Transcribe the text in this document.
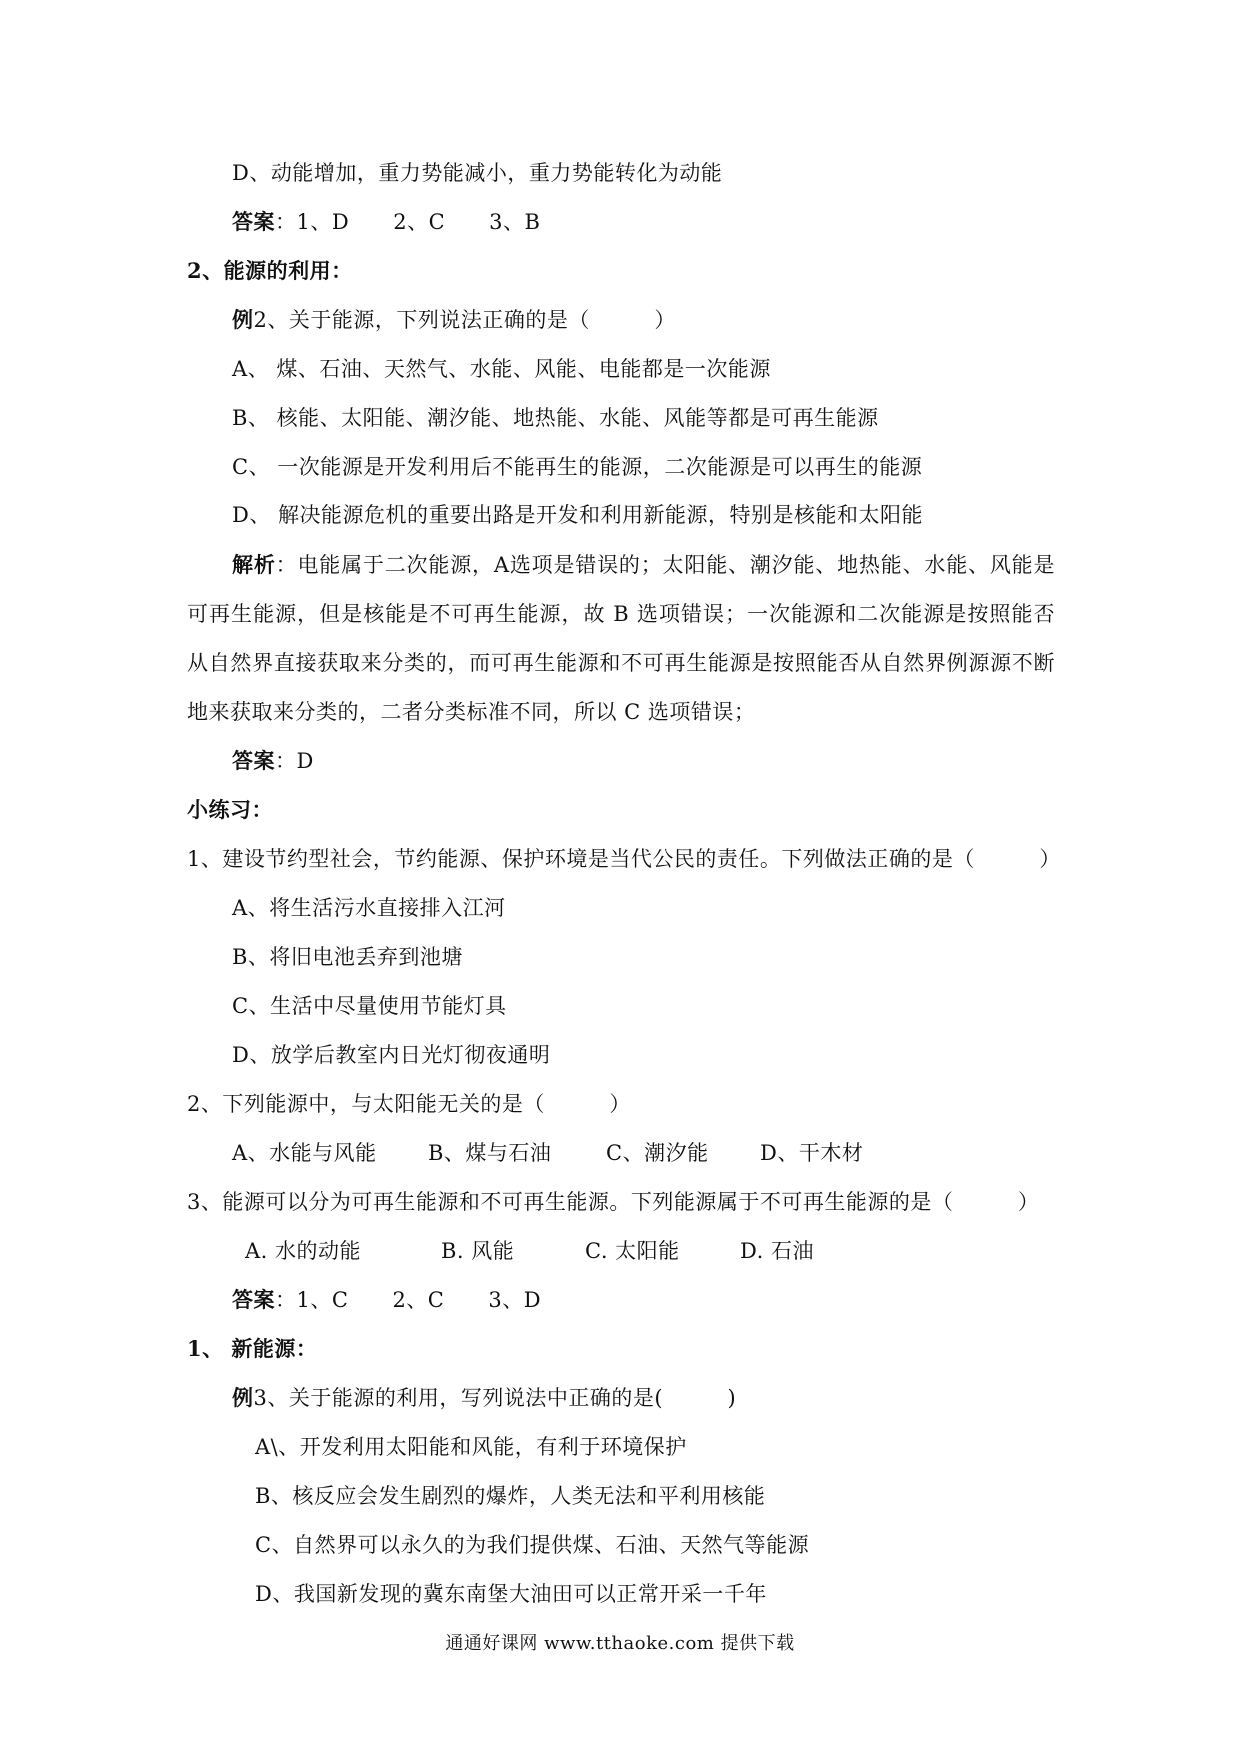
D、动能增加，重力势能减小，重力势能转化为动能
答案：1、D 2、C 3、B
2、能源的利用：
例2、关于能源，下列说法正确的是（　　　）
A、 煤、石油、天然气、水能、风能、电能都是一次能源
B、 核能、太阳能、潮汐能、地热能、水能、风能等都是可再生能源
C、 一次能源是开发利用后不能再生的能源，二次能源是可以再生的能源
D、 解决能源危机的重要出路是开发和利用新能源，特别是核能和太阳能
解析：电能属于二次能源，A选项是错误的；太阳能、潮汐能、地热能、水能、风能是
可再生能源，但是核能是不可再生能源，故 B 选项错误；一次能源和二次能源是按照能否
从自然界直接获取来分类的，而可再生能源和不可再生能源是按照能否从自然界例源源不断
地来获取来分类的，二者分类标准不同，所以 C 选项错误；
答案：D
小练习：
1、建设节约型社会，节约能源、保护环境是当代公民的责任。下列做法正确的是（　　　）
A、将生活污水直接排入江河
B、将旧电池丢弃到池塘
C、生活中尽量使用节能灯具
D、放学后教室内日光灯彻夜通明
2、下列能源中，与太阳能无关的是（　　　）
A、水能与风能 B、煤与石油	C、潮汐能 D、干木材
3、能源可以分为可再生能源和不可再生能源。下列能源属于不可再生能源的是（　　　）
A. 水的动能	B. 风能	C. 太阳能	D. 石油
答案：1、C 2、C 3、D
1、 新能源：
例3、关于能源的利用，写列说法中正确的是(　　　)
A\、开发利用太阳能和风能，有利于环境保护
B、核反应会发生剧烈的爆炸，人类无法和平利用核能
C、自然界可以永久的为我们提供煤、石油、天然气等能源
D、我国新发现的冀东南堡大油田可以正常开采一千年
通通好课网 www.tthaoke.com 提供下载
